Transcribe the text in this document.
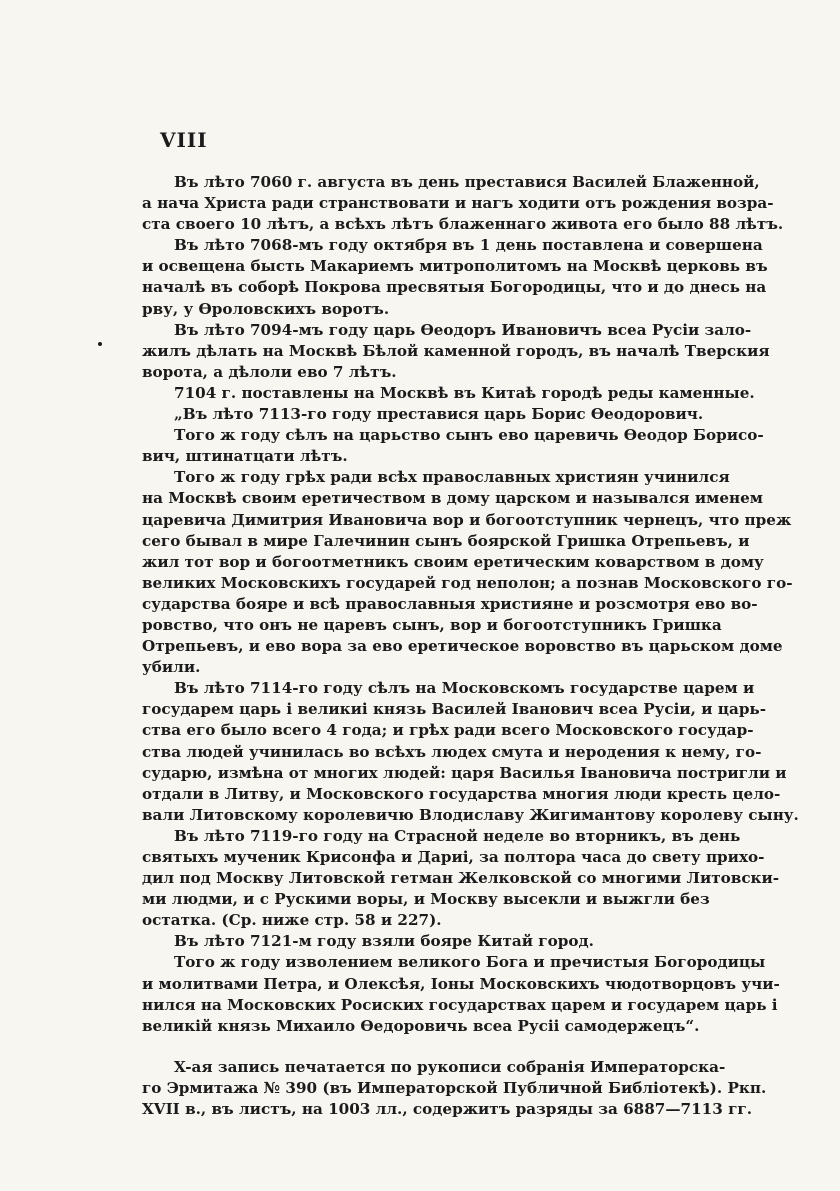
VIII
Въ лѣто 7060 г. августа въ день преставися Василей Блаженной,
а нача Христа ради странствовати и нагъ ходити отъ рождения возра-
ста своего 10 лѣтъ, а всѣхъ лѣтъ блаженнаго живота его было 88 лѣтъ.
Въ лѣто 7068-мъ году октября въ 1 день поставлена и совершена
и освещена бысть Макариемъ митрополитомъ на Москвѣ церковь въ
началѣ въ соборѣ Покрова пресвятыя Богородицы, что и до днесь на
рву, у Ѳроловскихъ воротъ.
Въ лѣто 7094-мъ году царь Ѳеодоръ Ивановичъ всеа Русіи зало-
жилъ дѣлать на Москвѣ Бѣлой каменной городъ, въ началѣ Тверския
ворота, а дѣлоли ево 7 лѣтъ.
7104 г. поставлены на Москвѣ въ Китаѣ городѣ реды каменные.
„Въ лѣто 7113-го году преставися царь Борис Ѳеодорович.
Того ж году сѣлъ на царьство сынъ ево царевичь Ѳеодор Борисо-
вич, штинатцати лѣтъ.
Того ж году грѣх ради всѣх православных християн учинился
на Москвѣ своим еретичеством в дому царском и называлcя именем
царевича Димитрия Ивановича вор и богоотступник чернецъ, что преж
сего бывал в мире Галечинин сынъ боярской Гришка Отрепьевъ, и
жил тот вор и богоотметникъ своим еретическим коварством в дому
великих Московскихъ государей год неполон; а познав Московского го-
сударства бояре и всѣ православныя християне и розсмотря ево во-
ровство, что онъ не царевъ сынъ, вор и богоотступникъ Гришка
Отрепьевъ, и ево вора за ево еретическое воровство въ царьском доме
убили.
Въ лѣто 7114-го году сѣлъ на Московскомъ государстве царем и
государем царь і великиі князь Василей Іванович всеа Русіи, и царь-
ства его было всего 4 года; и грѣх ради всего Московского государ-
ства людей учинилась во всѣхъ людех смута и неродения к нему, го-
сударю, измѣна от многих людей: царя Василья Івановича постригли и
отдали в Литву, и Московского государства многия люди кресть цело-
вали Литовскому королевичю Влодиславу Жигимантову королеву сыну.
Въ лѣто 7119-го году на Страсной неделе во вторникъ, въ день
святыхъ мученик Крисонфа и Дариі, за полтора часа до свету прихо-
дил под Москву Литовской гетман Желковской со многими Литовски-
ми людми, и с Рускими воры, и Москву высекли и выжгли без
остатка. (Ср. ниже стр. 58 и 227).
Въ лѣто 7121-м году взяли бояре Китай город.
Того ж году изволением великого Бога и пречистыя Богородицы
и молитвами Петра, и Олексѣя, Іоны Московскихъ чюдотворцовъ учи-
нился на Московских Росиских государствах царем и государем царь і
великій князь Михаило Ѳедоровичь всеа Русіі самодержецъ“.
X-ая запись печатается по рукописи собранія Императорска-
го Эрмитажа № 390 (въ Императорской Публичной Библіотекѣ). Ркп.
XVII в., въ листъ, на 1003 лл., содержитъ разряды за 6887—7113 гг.
